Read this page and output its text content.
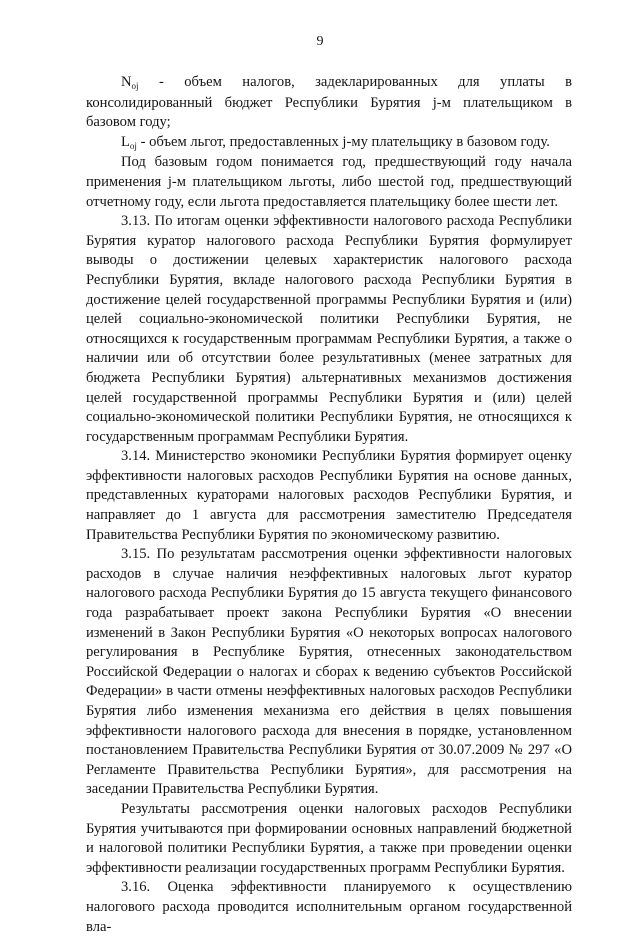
9

$N_{oj}$ - объем налогов, задекларированных для уплаты в консолидированный бюджет Республики Бурятия j-м плательщиком в базовом году;

$L_{oj}$ - объем льгот, предоставленных j-му плательщику в базовом году.

Под базовым годом понимается год, предшествующий году начала применения j-м плательщиком льготы, либо шестой год, предшествующий отчетному году, если льгота предоставляется плательщику более шести лет.

3.13. По итогам оценки эффективности налогового расхода Республики Бурятия куратор налогового расхода Республики Бурятия формулирует выводы о достижении целевых характеристик налогового расхода Республики Бурятия, вкладе налогового расхода Республики Бурятия в достижение целей государственной программы Республики Бурятия и (или) целей социально-экономической политики Республики Бурятия, не относящихся к государственным программам Республики Бурятия, а также о наличии или об отсутствии более результативных (менее затратных для бюджета Республики Бурятия) альтернативных механизмов достижения целей государственной программы Республики Бурятия и (или) целей социально-экономической политики Республики Бурятия, не относящихся к государственным программам Республики Бурятия.

3.14. Министерство экономики Республики Бурятия формирует оценку эффективности налоговых расходов Республики Бурятия на основе данных, представленных кураторами налоговых расходов Республики Бурятия, и направляет до 1 августа для рассмотрения заместителю Председателя Правительства Республики Бурятия по экономическому развитию.

3.15. По результатам рассмотрения оценки эффективности налоговых расходов в случае наличия неэффективных налоговых льгот куратор налогового расхода Республики Бурятия до 15 августа текущего финансового года разрабатывает проект закона Республики Бурятия «О внесении изменений в Закон Республики Бурятия «О некоторых вопросах налогового регулирования в Республике Бурятия, отнесенных законодательством Российской Федерации о налогах и сборах к ведению субъектов Российской Федерации» в части отмены неэффективных налоговых расходов Республики Бурятия либо изменения механизма его действия в целях повышения эффективности налогового расхода для внесения в порядке, установленном постановлением Правительства Республики Бурятия от 30.07.2009 № 297 «О Регламенте Правительства Республики Бурятия», для рассмотрения на заседании Правительства Республики Бурятия.

Результаты рассмотрения оценки налоговых расходов Республики Бурятия учитываются при формировании основных направлений бюджетной и налоговой политики Республики Бурятия, а также при проведении оценки эффективности реализации государственных программ Республики Бурятия.

3.16. Оценка эффективности планируемого к осуществлению налогового расхода проводится исполнительным органом государственной вла-
